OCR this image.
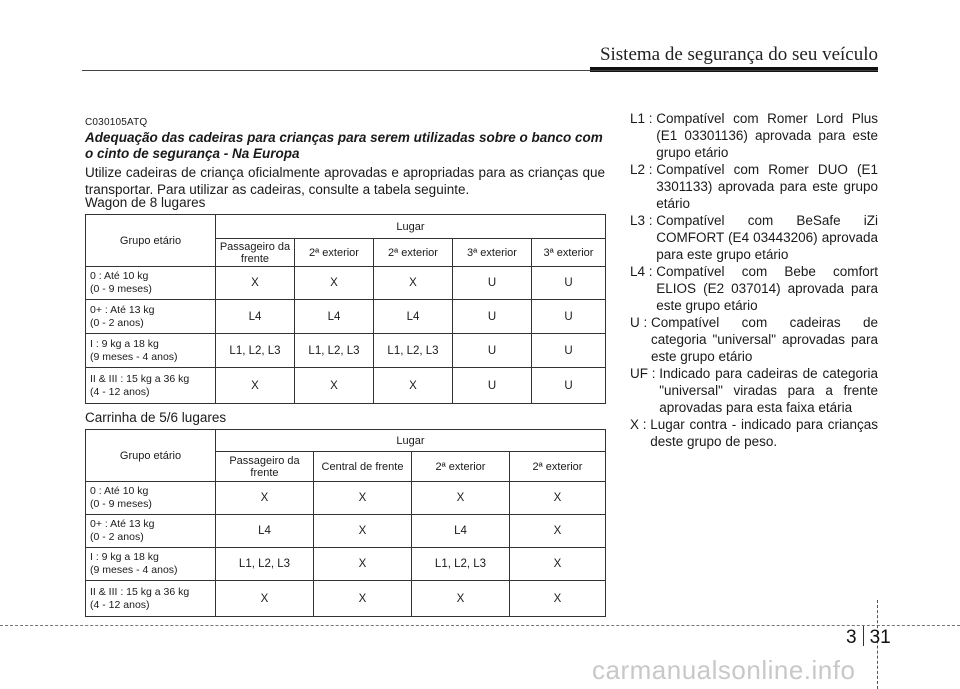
Sistema de segurança do seu veículo
C030105ATQ
Adequação das cadeiras para crianças para serem utilizadas sobre o banco com o cinto de segurança - Na Europa
Utilize cadeiras de criança oficialmente aprovadas e apropriadas para as crianças que transportar. Para utilizar as cadeiras, consulte a tabela seguinte.
Wagon de 8 lugares
Grupo etário	Lugar				
	Passageiro da frente	2ª exterior	2ª exterior	3ª exterior	3ª exterior

0 : Até 10 kg
(0 - 9 meses)	X	X	X	U	U

0+ : Até 13 kg
(0 - 2 anos)	L4	L4	L4	U	U

I : 9 kg a 18 kg
(9 meses - 4 anos)	L1, L2, L3	L1, L2, L3	L1, L2, L3	U	U

II & III : 15 kg a 36 kg
(4 - 12 anos)	X	X	X	U	U
Carrinha de 5/6 lugares
Grupo etário	Lugar			
	Passageiro da frente	Central de frente	2ª exterior	2ª exterior

0 : Até 10 kg
(0 - 9 meses)	X	X	X	X

0+ : Até 13 kg
(0 - 2 anos)	L4	X	L4	X

I : 9 kg a 18 kg
(9 meses - 4 anos)	L1, L2, L3	X	L1, L2, L3	X

II & III : 15 kg a 36 kg
(4 - 12 anos)	X	X	X	X
L1 : Compatível com Romer Lord Plus (E1 03301136) aprovada para este grupo etário
L2 : Compatível com Romer DUO (E1 3301133) aprovada para este grupo etário
L3 : Compatível com BeSafe iZi COMFORT (E4 03443206) aprovada para este grupo etário
L4 : Compatível com Bebe comfort ELIOS (E2 037014) aprovada para este grupo etário
U : Compatível com cadeiras de categoria "universal" aprovadas para este grupo etário
UF : Indicado para cadeiras de categoria "universal" viradas para a frente aprovadas para esta faixa etária
X : Lugar contra - indicado para crianças deste grupo de peso.
3 31
carmanualsonline.info
